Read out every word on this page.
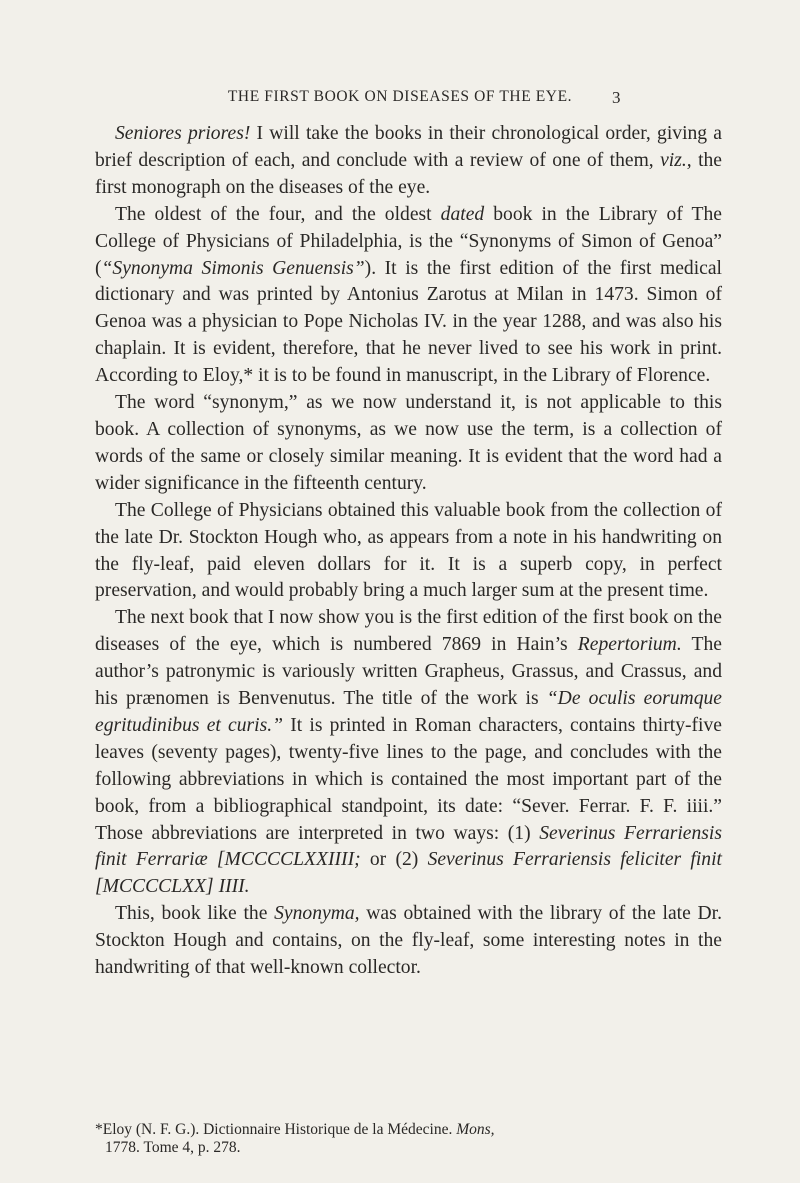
THE FIRST BOOK ON DISEASES OF THE EYE.	3

Seniores priores! I will take the books in their chronological order, giving a brief description of each, and conclude with a review of one of them, viz., the first monograph on the diseases of the eye.

The oldest of the four, and the oldest dated book in the Library of The College of Physicians of Philadelphia, is the “Synonyms of Simon of Genoa” (“Synonyma Simonis Genuensis”). It is the first edition of the first medical dictionary and was printed by Antonius Zarotus at Milan in 1473. Simon of Genoa was a physician to Pope Nicholas IV. in the year 1288, and was also his chaplain. It is evident, therefore, that he never lived to see his work in print. According to Eloy,* it is to be found in manuscript, in the Library of Florence.

The word “synonym,” as we now understand it, is not applicable to this book. A collection of synonyms, as we now use the term, is a collection of words of the same or closely similar meaning. It is evident that the word had a wider significance in the fifteenth century.

The College of Physicians obtained this valuable book from the collection of the late Dr. Stockton Hough who, as appears from a note in his handwriting on the fly-leaf, paid eleven dollars for it. It is a superb copy, in perfect preservation, and would probably bring a much larger sum at the present time.

The next book that I now show you is the first edition of the first book on the diseases of the eye, which is numbered 7869 in Hain’s Repertorium. The author’s patronymic is variously written Grapheus, Grassus, and Crassus, and his prænomen is Benvenutus. The title of the work is “De oculis eorumque egritudinibus et curis.” It is printed in Roman characters, contains thirty-five leaves (seventy pages), twenty-five lines to the page, and concludes with the following abbreviations in which is contained the most important part of the book, from a bibliographical standpoint, its date: “Sever. Ferrar. F. F. iiii.” Those abbreviations are interpreted in two ways: (1) Severinus Ferrariensis finit Ferrariæ [MCCCCLXXIIII; or (2) Severinus Ferrariensis feliciter finit [MCCCCLXX] IIII.

This, book like the Synonyma, was obtained with the library of the late Dr. Stockton Hough and contains, on the fly-leaf, some interesting notes in the handwriting of that well-known collector.

*Eloy (N. F. G.). Dictionnaire Historique de la Médecine. Mons,
1778. Tome 4, p. 278.
